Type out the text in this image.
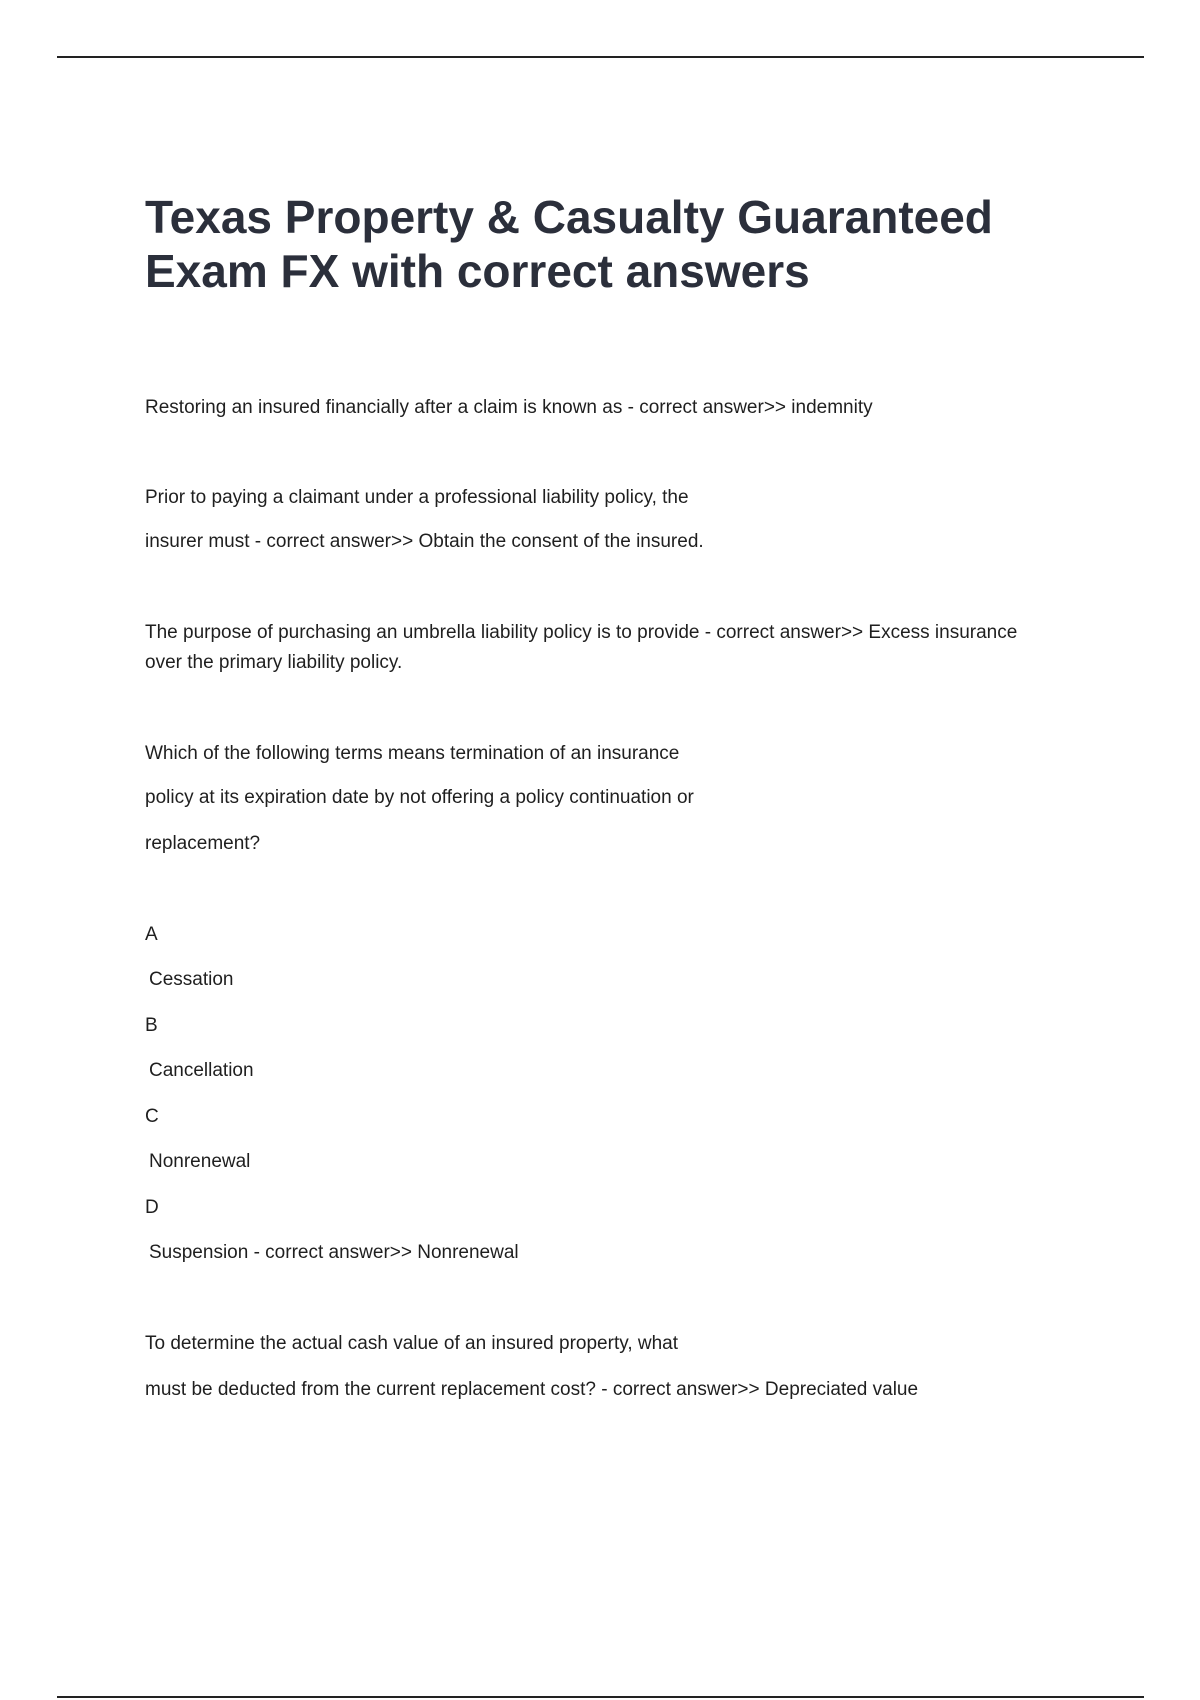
Texas Property & Casualty Guaranteed
Exam FX with correct answers

Restoring an insured financially after a claim is known as - correct answer>> indemnity

Prior to paying a claimant under a professional liability policy, the

insurer must - correct answer>> Obtain the consent of the insured.

The purpose of purchasing an umbrella liability policy is to provide - correct answer>> Excess insurance

over the primary liability policy.

Which of the following terms means termination of an insurance

policy at its expiration date by not offering a policy continuation or

replacement?

A

Cessation

B

Cancellation

C

Nonrenewal

D

Suspension - correct answer>> Nonrenewal

To determine the actual cash value of an insured property, what

must be deducted from the current replacement cost? - correct answer>> Depreciated value
